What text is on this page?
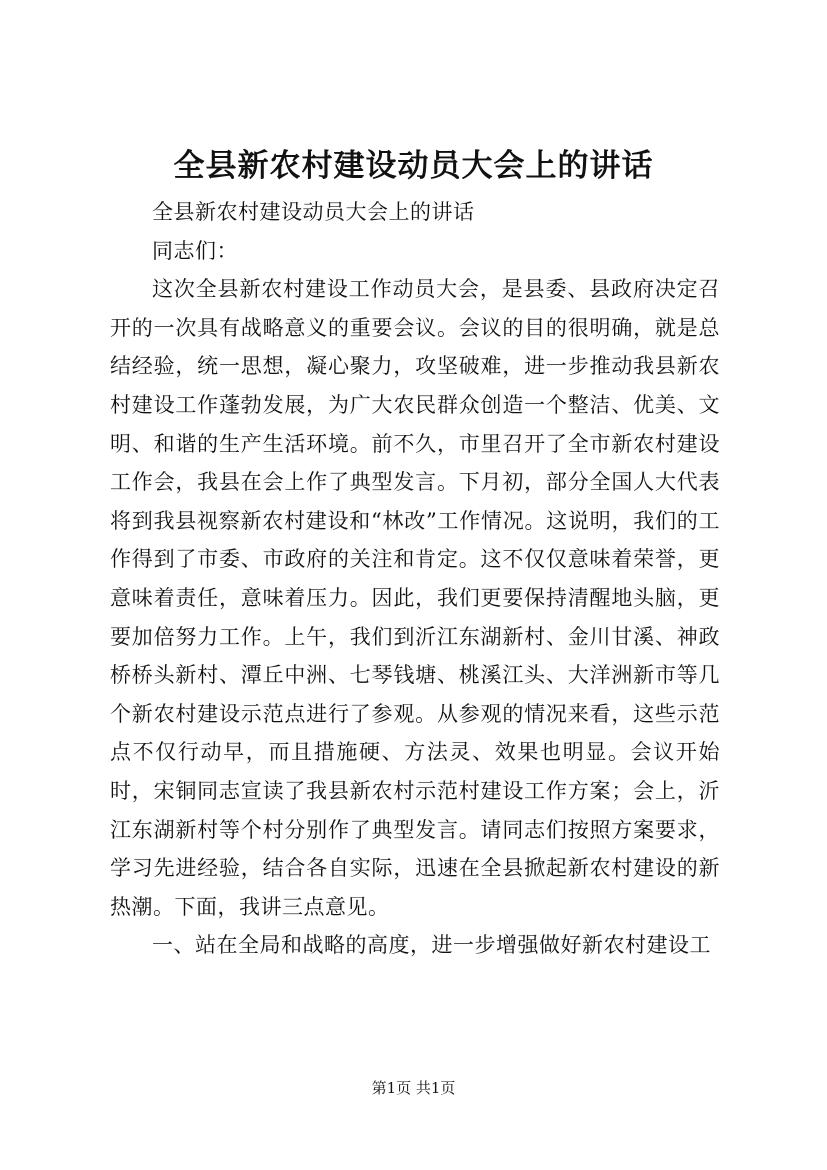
全县新农村建设动员大会上的讲话

全县新农村建设动员大会上的讲话

同志们：

这次全县新农村建设工作动员大会，是县委、县政府决定召开的一次具有战略意义的重要会议。会议的目的很明确，就是总结经验，统一思想，凝心聚力，攻坚破难，进一步推动我县新农村建设工作蓬勃发展，为广大农民群众创造一个整洁、优美、文明、和谐的生产生活环境。前不久，市里召开了全市新农村建设工作会，我县在会上作了典型发言。下月初，部分全国人大代表将到我县视察新农村建设和“林改”工作情况。这说明，我们的工作得到了市委、市政府的关注和肯定。这不仅仅意味着荣誉，更意味着责任，意味着压力。因此，我们更要保持清醒地头脑，更要加倍努力工作。上午，我们到沂江东湖新村、金川甘溪、神政桥桥头新村、潭丘中洲、七琴钱塘、桃溪江头、大洋洲新市等几个新农村建设示范点进行了参观。从参观的情况来看，这些示范点不仅行动早，而且措施硬、方法灵、效果也明显。会议开始时，宋铜同志宣读了我县新农村示范村建设工作方案；会上，沂江东湖新村等个村分别作了典型发言。请同志们按照方案要求，学习先进经验，结合各自实际，迅速在全县掀起新农村建设的新热潮。下面，我讲三点意见。

一、站在全局和战略的高度，进一步增强做好新农村建设工

第1页 共1页
